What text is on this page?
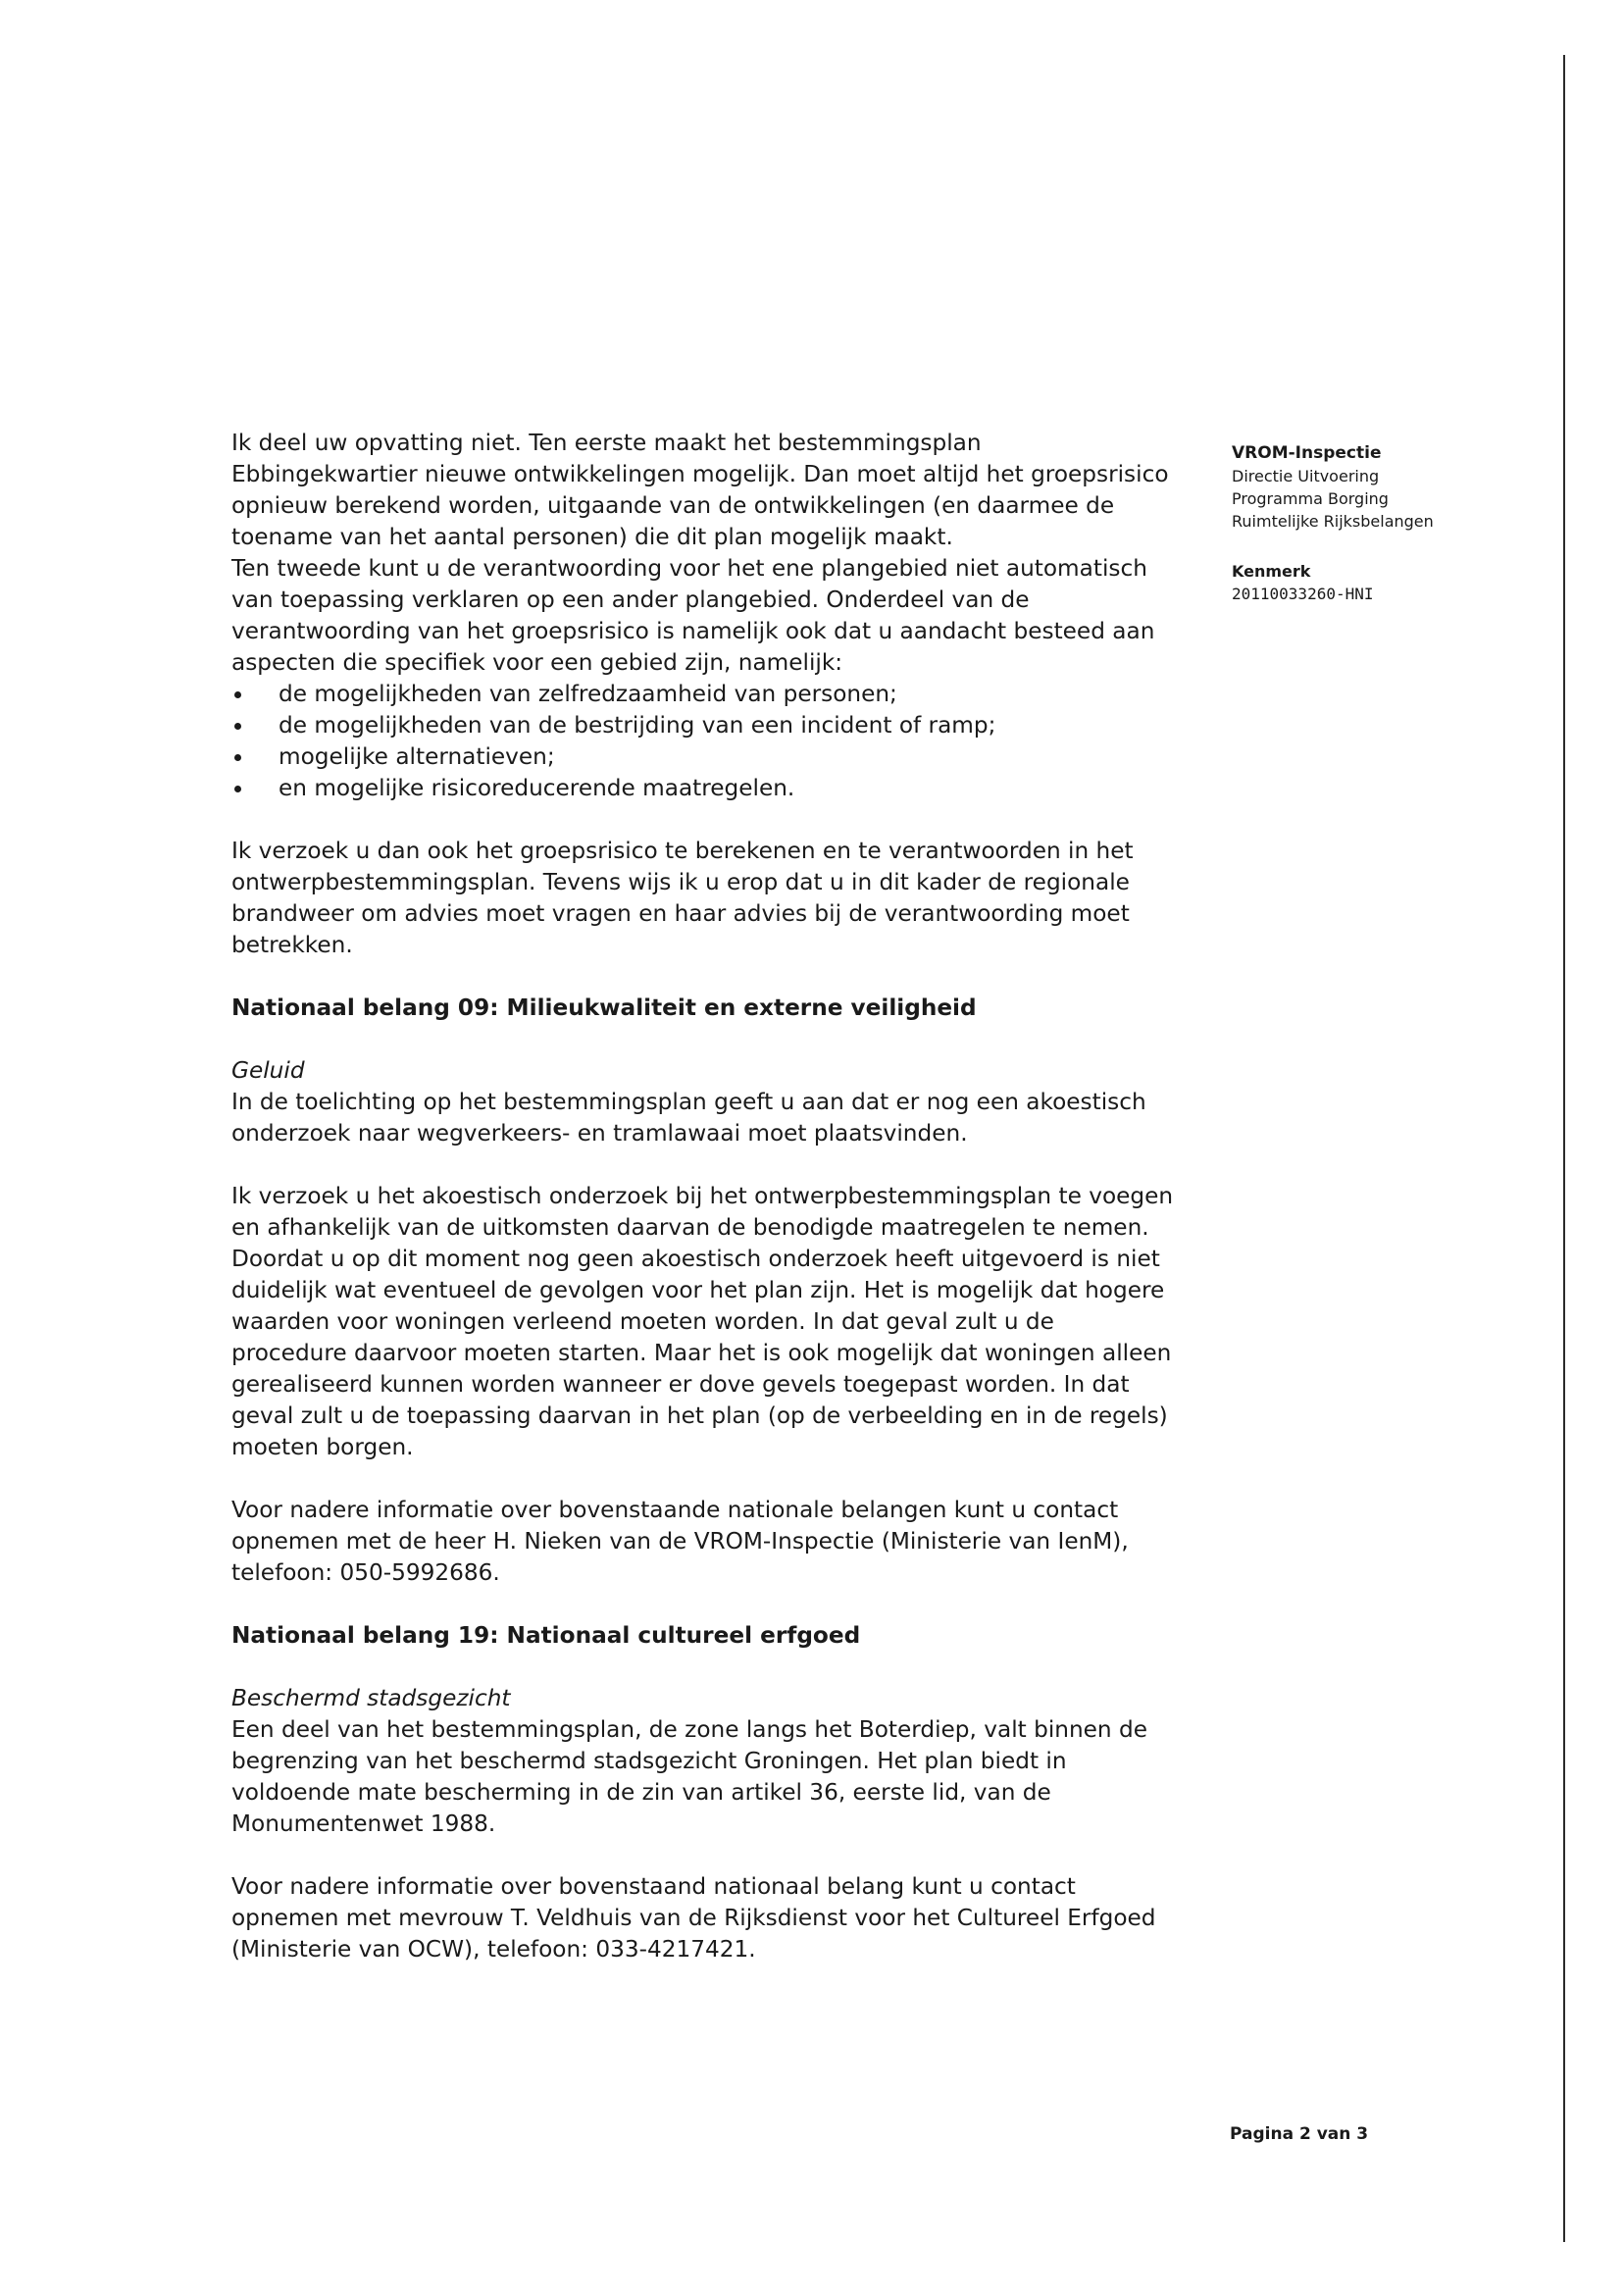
VROM-Inspectie

Directie Uitvoering

Programma Borging

Ruimtelijke Rijksbelangen

Kenmerk

20110033260-HNI

Ik deel uw opvatting niet. Ten eerste maakt het bestemmingsplan

Ebbingekwartier nieuwe ontwikkelingen mogelijk. Dan moet altijd het groepsrisico

opnieuw berekend worden, uitgaande van de ontwikkelingen (en daarmee de

toename van het aantal personen) die dit plan mogelijk maakt.

Ten tweede kunt u de verantwoording voor het ene plangebied niet automatisch

van toepassing verklaren op een ander plangebied. Onderdeel van de

verantwoording van het groepsrisico is namelijk ook dat u aandacht besteed aan

aspecten die specifiek voor een gebied zijn, namelijk:

de mogelijkheden van zelfredzaamheid van personen;
de mogelijkheden van de bestrijding van een incident of ramp;
mogelijke alternatieven;
en mogelijke risicoreducerende maatregelen.

Ik verzoek u dan ook het groepsrisico te berekenen en te verantwoorden in het

ontwerpbestemmingsplan. Tevens wijs ik u erop dat u in dit kader de regionale

brandweer om advies moet vragen en haar advies bij de verantwoording moet

betrekken.

Nationaal belang 09: Milieukwaliteit en externe veiligheid

Geluid

In de toelichting op het bestemmingsplan geeft u aan dat er nog een akoestisch

onderzoek naar wegverkeers- en tramlawaai moet plaatsvinden.

Ik verzoek u het akoestisch onderzoek bij het ontwerpbestemmingsplan te voegen

en afhankelijk van de uitkomsten daarvan de benodigde maatregelen te nemen.

Doordat u op dit moment nog geen akoestisch onderzoek heeft uitgevoerd is niet

duidelijk wat eventueel de gevolgen voor het plan zijn. Het is mogelijk dat hogere

waarden voor woningen verleend moeten worden. In dat geval zult u de

procedure daarvoor moeten starten. Maar het is ook mogelijk dat woningen alleen

gerealiseerd kunnen worden wanneer er dove gevels toegepast worden. In dat

geval zult u de toepassing daarvan in het plan (op de verbeelding en in de regels)

moeten borgen.

Voor nadere informatie over bovenstaande nationale belangen kunt u contact

opnemen met de heer H. Nieken van de VROM-Inspectie (Ministerie van IenM),

telefoon: 050-5992686.

Nationaal belang 19: Nationaal cultureel erfgoed

Beschermd stadsgezicht

Een deel van het bestemmingsplan, de zone langs het Boterdiep, valt binnen de

begrenzing van het beschermd stadsgezicht Groningen. Het plan biedt in

voldoende mate bescherming in de zin van artikel 36, eerste lid, van de

Monumentenwet 1988.

Voor nadere informatie over bovenstaand nationaal belang kunt u contact

opnemen met mevrouw T. Veldhuis van de Rijksdienst voor het Cultureel Erfgoed

(Ministerie van OCW), telefoon: 033-4217421.

Pagina 2 van 3
